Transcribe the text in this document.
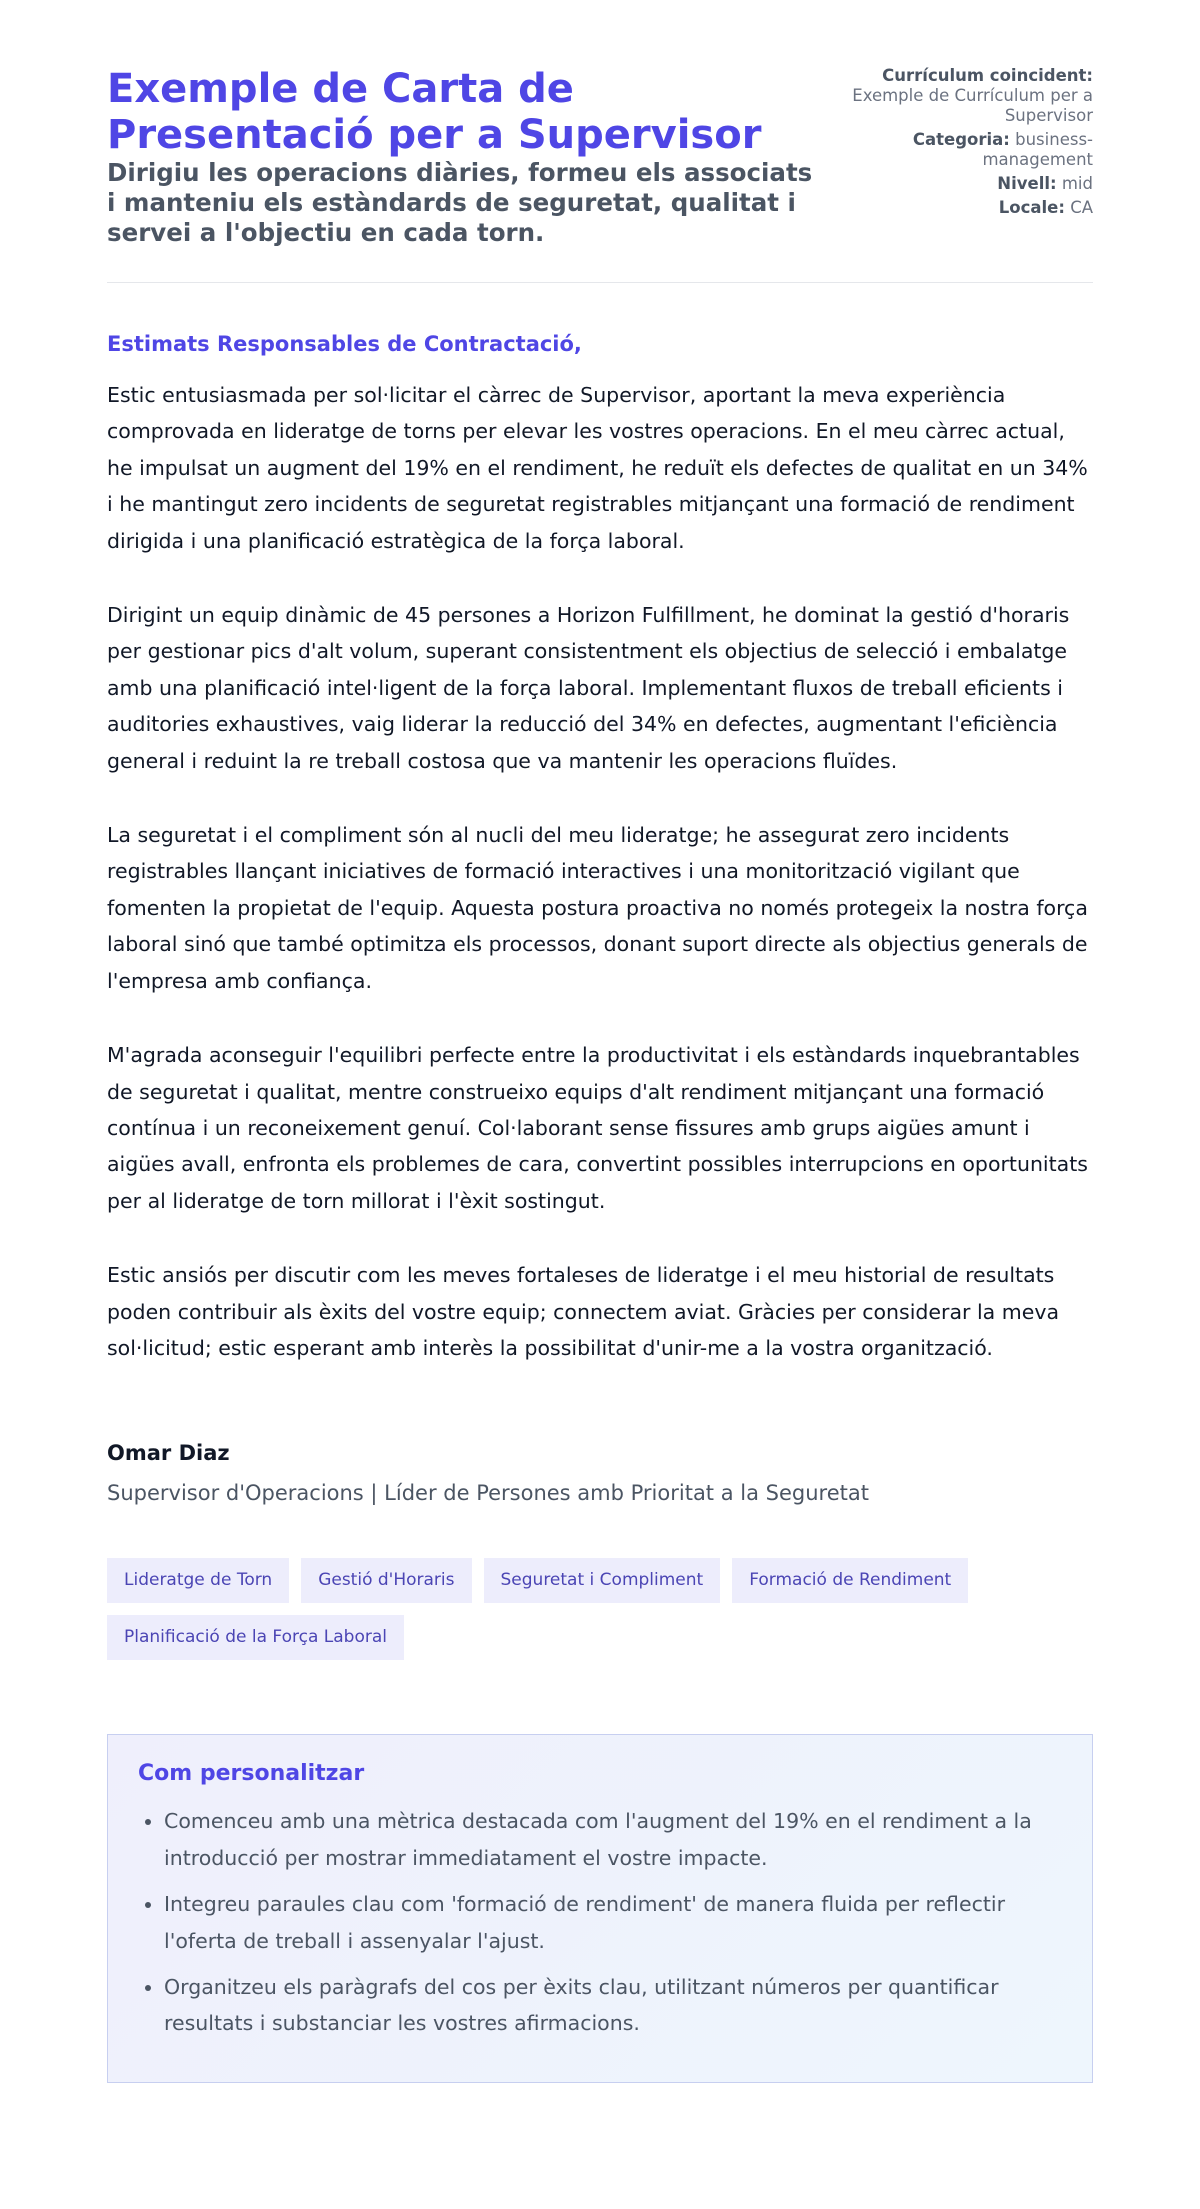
Exemple de Carta de Presentació per a Supervisor
Dirigiu les operacions diàries, formeu els associats i manteniu els estàndards de seguretat, qualitat i servei a l'objectiu en cada torn.
Currículum coincident:
Exemple de Currículum per a Supervisor
Categoria: business-management
Nivell: mid
Locale: CA
Estimats Responsables de Contractació,

Estic entusiasmada per sol·licitar el càrrec de Supervisor, aportant la meva experiència comprovada en lideratge de torns per elevar les vostres operacions. En el meu càrrec actual, he impulsat un augment del 19% en el rendiment, he reduït els defectes de qualitat en un 34% i he mantingut zero incidents de seguretat registrables mitjançant una formació de rendiment dirigida i una planificació estratègica de la força laboral.

Dirigint un equip dinàmic de 45 persones a Horizon Fulfillment, he dominat la gestió d'horaris per gestionar pics d'alt volum, superant consistentment els objectius de selecció i embalatge amb una planificació intel·ligent de la força laboral. Implementant fluxos de treball eficients i auditories exhaustives, vaig liderar la reducció del 34% en defectes, augmentant l'eficiència general i reduint la re treball costosa que va mantenir les operacions fluïdes.

La seguretat i el compliment són al nucli del meu lideratge; he assegurat zero incidents registrables llançant iniciatives de formació interactives i una monitorització vigilant que fomenten la propietat de l'equip. Aquesta postura proactiva no només protegeix la nostra força laboral sinó que també optimitza els processos, donant suport directe als objectius generals de l'empresa amb confiança.

M'agrada aconseguir l'equilibri perfecte entre la productivitat i els estàndards inquebrantables de seguretat i qualitat, mentre construeixo equips d'alt rendiment mitjançant una formació contínua i un reconeixement genuí. Col·laborant sense fissures amb grups aigües amunt i aigües avall, enfronta els problemes de cara, convertint possibles interrupcions en oportunitats per al lideratge de torn millorat i l'èxit sostingut.

Estic ansiós per discutir com les meves fortaleses de lideratge i el meu historial de resultats poden contribuir als èxits del vostre equip; connectem aviat. Gràcies per considerar la meva sol·licitud; estic esperant amb interès la possibilitat d'unir-me a la vostra organització.

Omar Diaz
Supervisor d'Operacions | Líder de Persones amb Prioritat a la Seguretat
Lideratge de Torn	Gestió d'Horaris	Seguretat i Compliment	Formació de Rendiment
Planificació de la Força Laboral
Com personalitzar
• Comenceu amb una mètrica destacada com l'augment del 19% en el rendiment a la introducció per mostrar immediatament el vostre impacte.
• Integreu paraules clau com 'formació de rendiment' de manera fluida per reflectir l'oferta de treball i assenyalar l'ajust.
• Organitzeu els paràgrafs del cos per èxits clau, utilitzant números per quantificar resultats i substanciar les vostres afirmacions.
